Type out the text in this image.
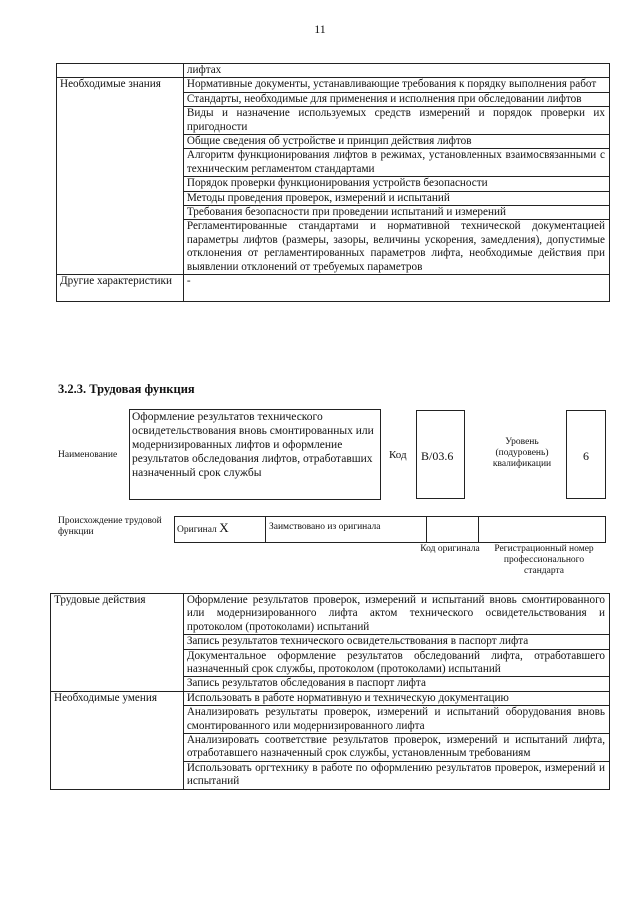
11
	лифтах
Необходимые знания	Нормативные документы, устанавливающие требования к порядку выполнения работ
	Стандарты, необходимые для применения и исполнения при обследовании лифтов
	Виды и назначение используемых средств измерений и порядок проверки их пригодности
	Общие сведения об устройстве и принцип действия лифтов
	Алгоритм функционирования лифтов в режимах, установленных взаимосвязанными с техническим регламентом стандартами
	Порядок проверки функционирования устройств безопасности
	Методы проведения проверок, измерений и испытаний
	Требования безопасности при проведении испытаний и измерений
	Регламентированные стандартами и нормативной технической документацией параметры лифтов (размеры, зазоры, величины ускорения, замедления), допустимые отклонения от регламентированных параметров лифта, необходимые действия при выявлении отклонений от требуемых параметров
Другие характеристики	-
3.2.3. Трудовая функция
Наименование
Оформление результатов технического освидетельствования вновь смонтированных или модернизированных лифтов и оформление результатов обследования лифтов, отработавших назначенный срок службы
Код	B/03.6
Уровень (подуровень) квалификации
6
Происхождение трудовой функции	Оригинал X	Заимствовано из оригинала
Код оригинала	Регистрационный номер профессионального стандарта
Трудовые действия	Оформление результатов проверок, измерений и испытаний вновь смонтированного или модернизированного лифта актом технического освидетельствования и протоколом (протоколами) испытаний
	Запись результатов технического освидетельствования в паспорт лифта
	Документальное оформление результатов обследований лифта, отработавшего назначенный срок службы, протоколом (протоколами) испытаний
	Запись результатов обследования в паспорт лифта
Необходимые умения	Использовать в работе нормативную и техническую документацию
	Анализировать результаты проверок, измерений и испытаний оборудования вновь смонтированного или модернизированного лифта
	Анализировать соответствие результатов проверок, измерений и испытаний лифта, отработавшего назначенный срок службы, установленным требованиям
	Использовать оргтехнику в работе по оформлению результатов проверок, измерений и испытаний
